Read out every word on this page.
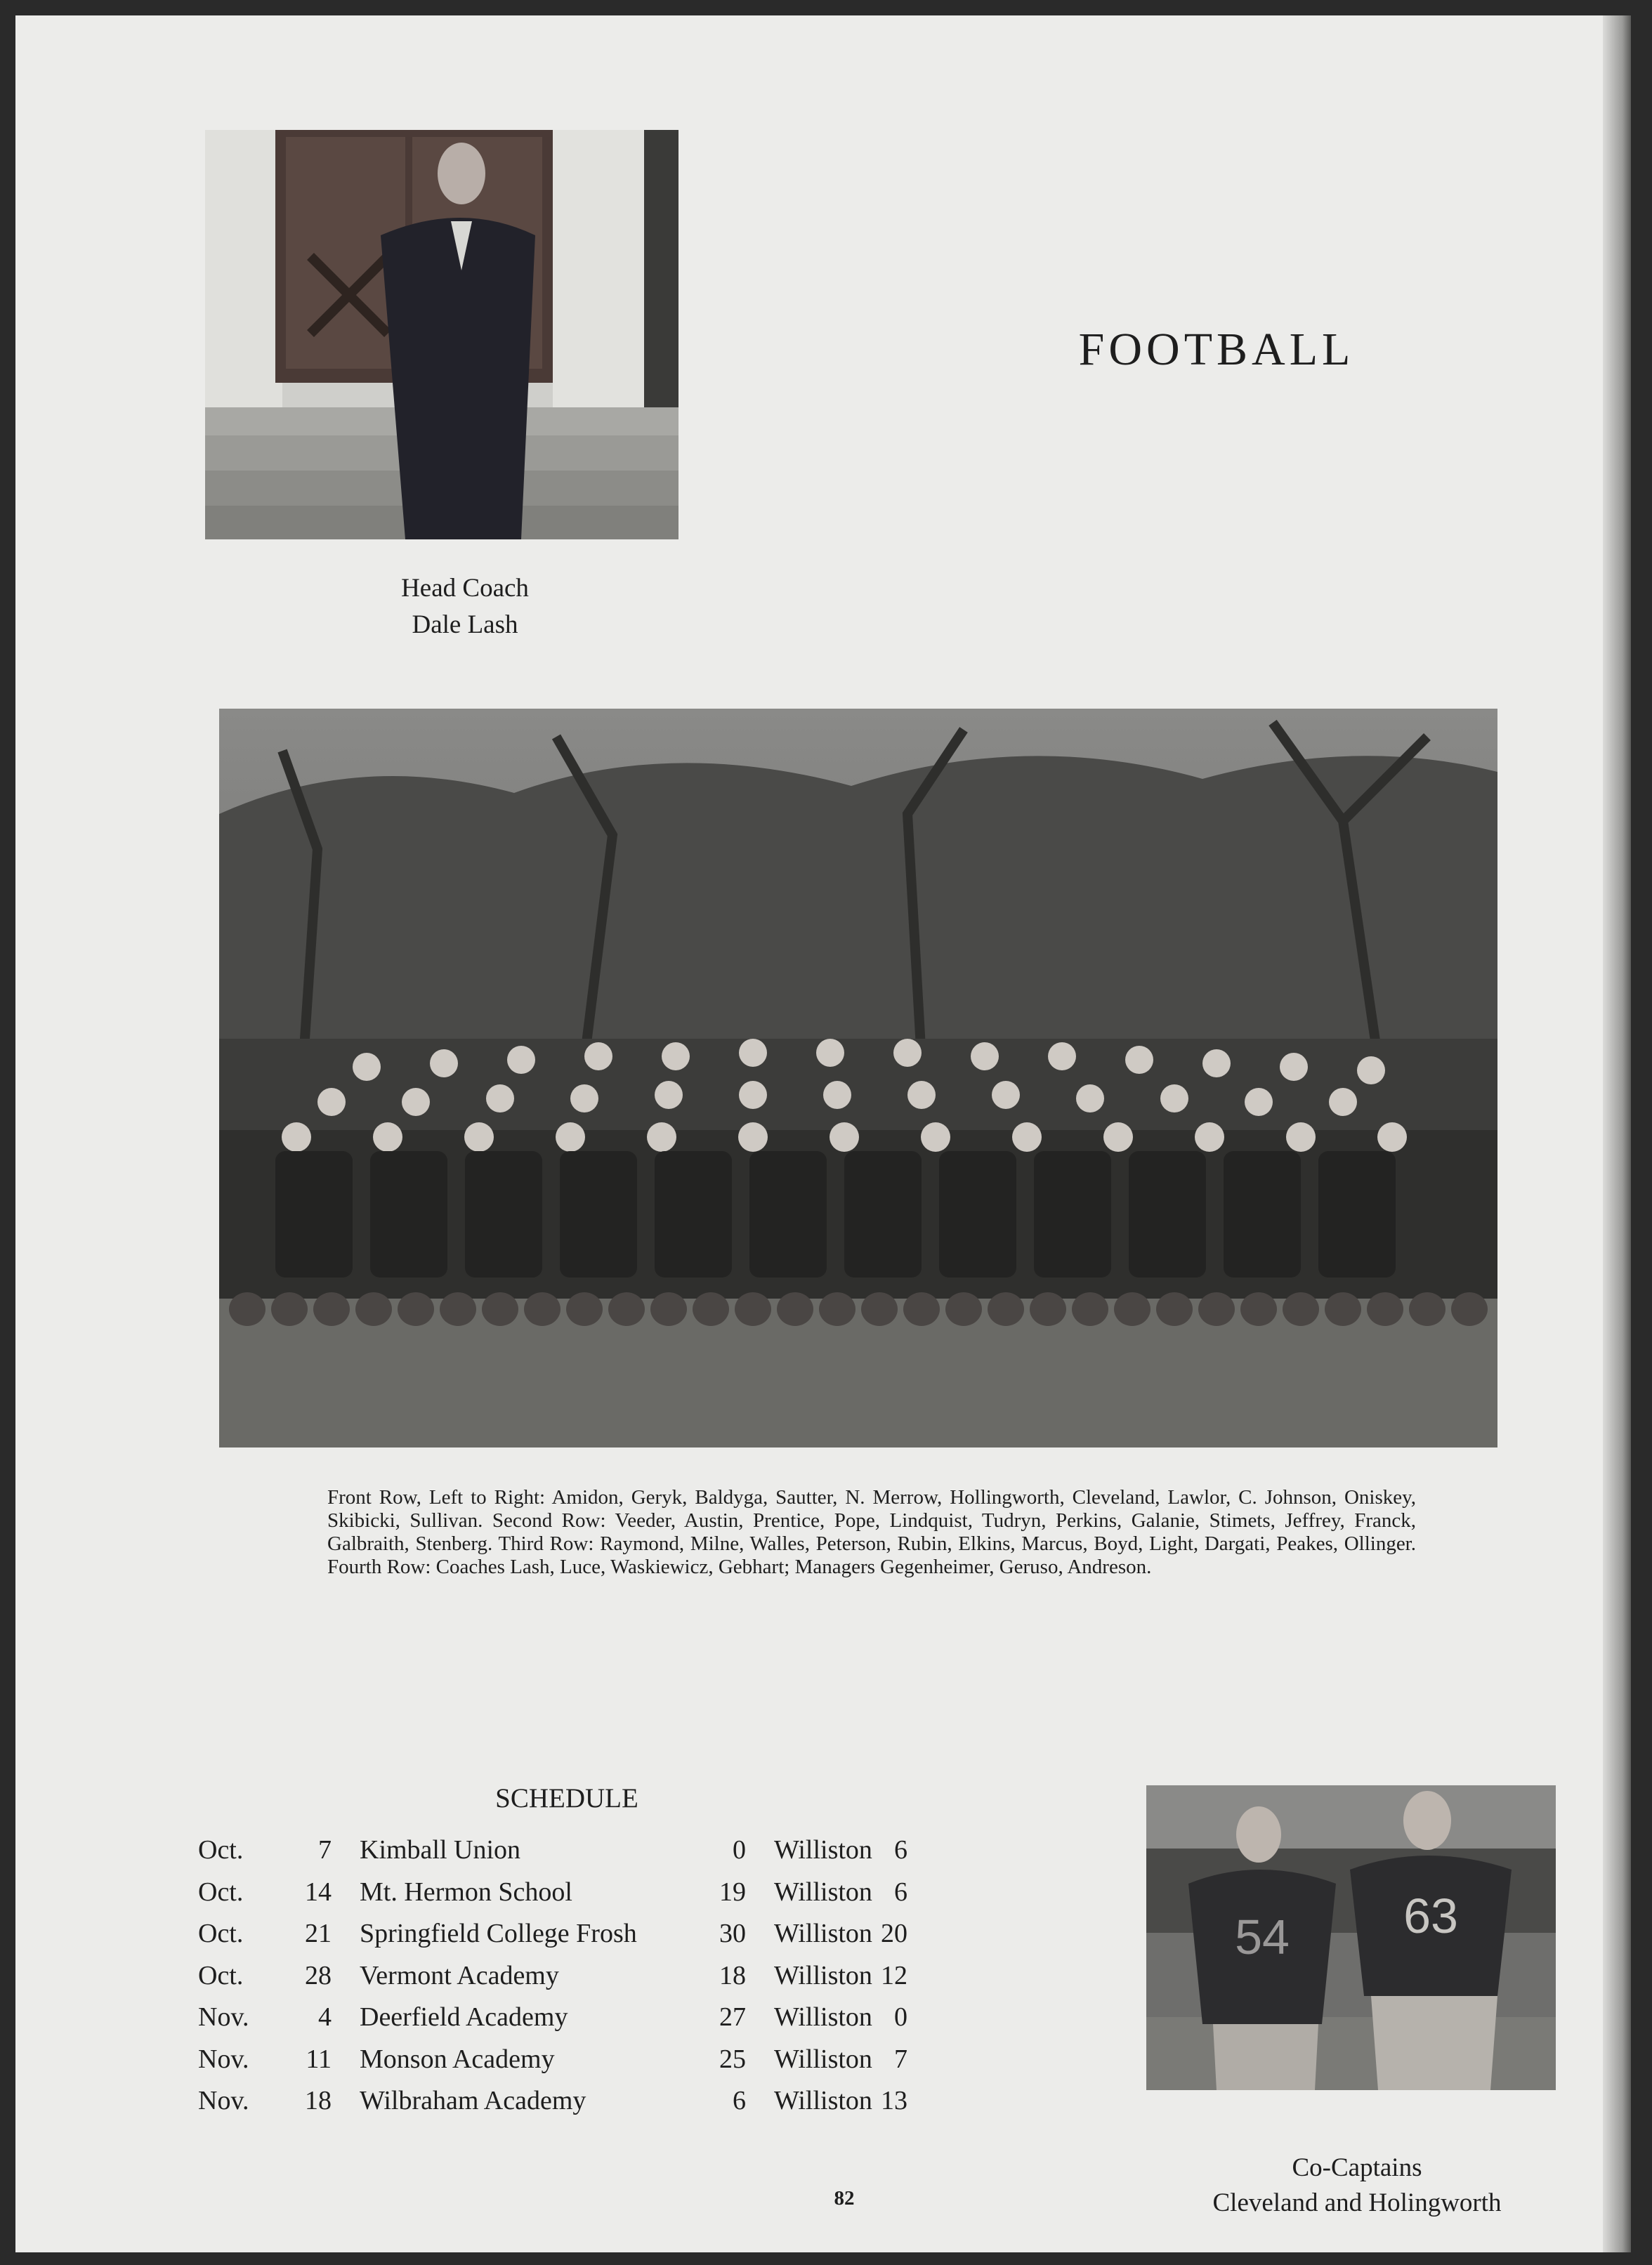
Head Coach
Dale Lash
FOOTBALL
Front Row, Left to Right: Amidon, Geryk, Baldyga, Sautter, N. Merrow, Hollingworth, Cleveland, Lawlor, C. Johnson, Oniskey, Skibicki, Sullivan. Second Row: Veeder, Austin, Prentice, Pope, Lindquist, Tudryn, Perkins, Galanie, Stimets, Jeffrey, Franck, Galbraith, Stenberg. Third Row: Raymond, Milne, Walles, Peterson, Rubin, Elkins, Marcus, Boyd, Light, Dargati, Peakes, Ollinger. Fourth Row: Coaches Lash, Luce, Waskiewicz, Gebhart; Managers Gegenheimer, Geruso, Andreson.
SCHEDULE
Oct.	7 Kimball Union	0 Williston 6
Oct.	14 Mt. Hermon School	19 Williston 6
Oct.	21 Springfield College Frosh	30 Williston 20
Oct.	28 Vermont Academy	18 Williston 12
Nov.	4 Deerfield Academy	27 Williston 0
Nov.	11 Monson Academy	25 Williston 7
Nov.	18 Wilbraham Academy	6 Williston 13
54 63
Co-Captains
Cleveland and Holingworth
82
